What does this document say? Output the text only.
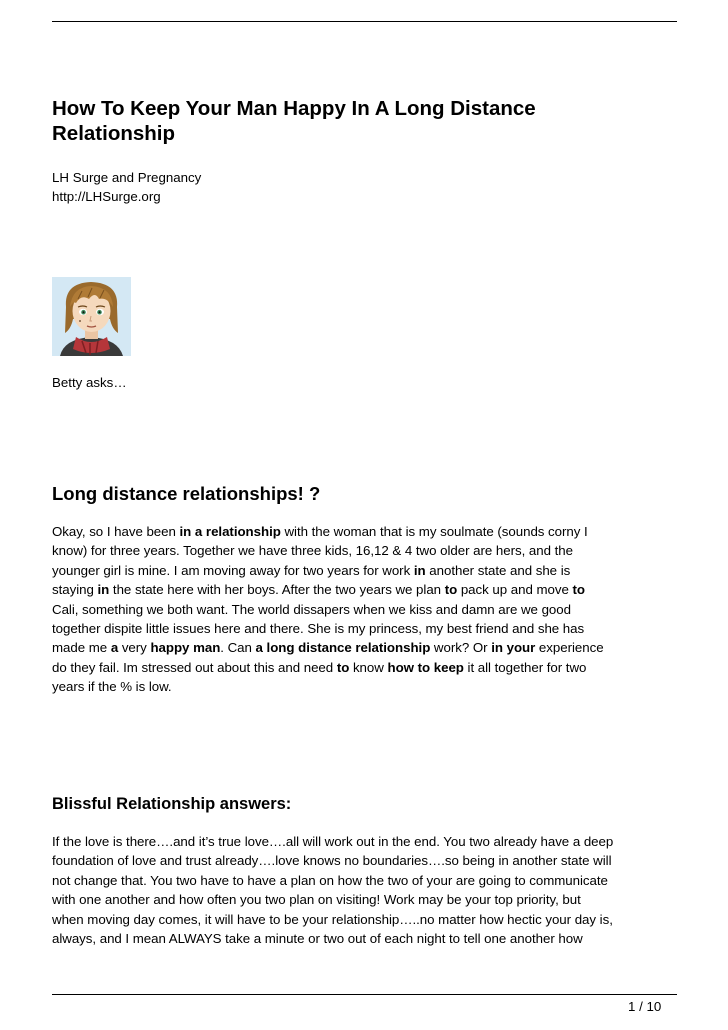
How To Keep Your Man Happy In A Long Distance
Relationship

LH Surge and Pregnancy
http://LHSurge.org

Betty asks…

Long distance relationships! ?
Okay, so I have been in a relationship with the woman that is my soulmate (sounds corny I
know) for three years. Together we have three kids, 16,12 & 4 two older are hers, and the
younger girl is mine. I am moving away for two years for work in another state and she is
staying in the state here with her boys. After the two years we plan to pack up and move to
Cali, something we both want. The world dissapers when we kiss and damn are we good
together dispite little issues here and there. She is my princess, my best friend and she has
made me a very happy man. Can a long distance relationship work? Or in your experience
do they fail. Im stressed out about this and need to know how to keep it all together for two
years if the % is low.
Blissful Relationship answers:
If the love is there….and it’s true love….all will work out in the end. You two already have a deep
foundation of love and trust already….love knows no boundaries….so being in another state will
not change that. You two have to have a plan on how the two of your are going to communicate
with one another and how often you two plan on visiting! Work may be your top priority, but
when moving day comes, it will have to be your relationship…..no matter how hectic your day is,
always, and I mean ALWAYS take a minute or two out of each night to tell one another how

1 / 10
